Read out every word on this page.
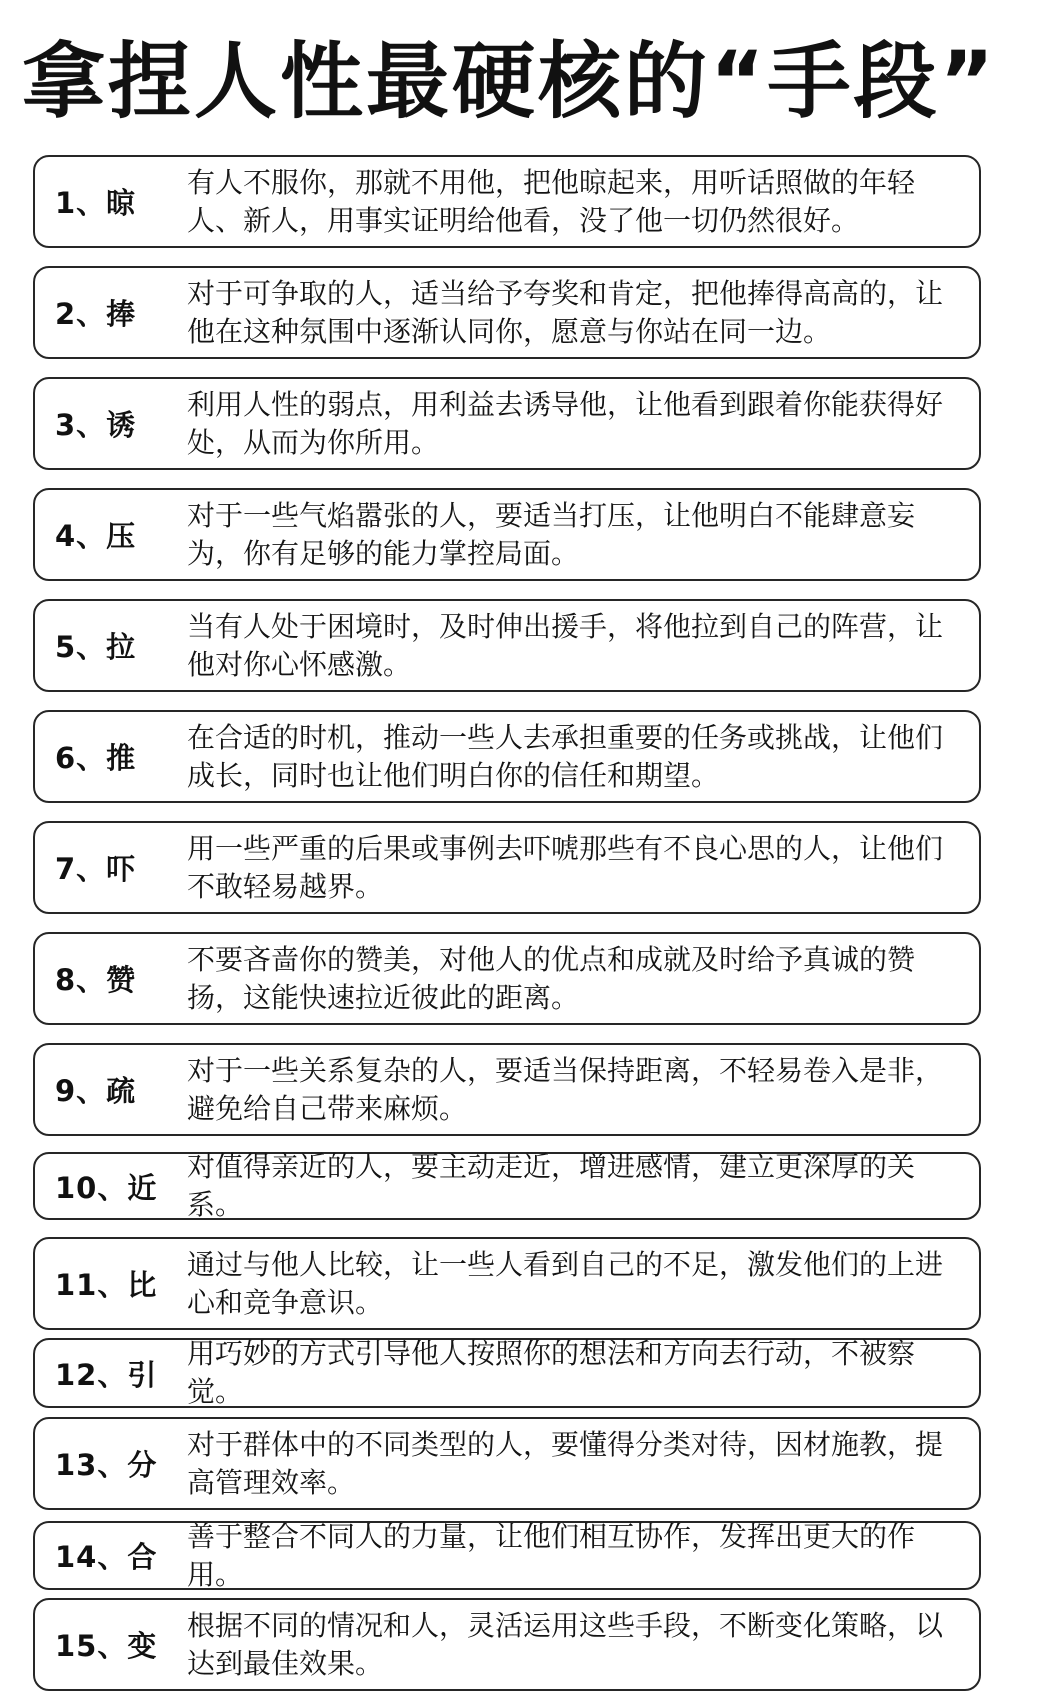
拿捏人性最硬核的“手段”
1、晾
有人不服你，那就不用他，把他晾起来，用听话照做的年轻人、新人，用事实证明给他看，没了他一切仍然很好。
2、捧
对于可争取的人，适当给予夸奖和肯定，把他捧得高高的，让他在这种氛围中逐渐认同你，愿意与你站在同一边。
3、诱
利用人性的弱点，用利益去诱导他，让他看到跟着你能获得好处，从而为你所用。
4、压
对于一些气焰嚣张的人，要适当打压，让他明白不能肆意妄为，你有足够的能力掌控局面。
5、拉
当有人处于困境时，及时伸出援手，将他拉到自己的阵营，让他对你心怀感激。
6、推
在合适的时机，推动一些人去承担重要的任务或挑战，让他们成长，同时也让他们明白你的信任和期望。
7、吓
用一些严重的后果或事例去吓唬那些有不良心思的人，让他们不敢轻易越界。
8、赞
不要吝啬你的赞美，对他人的优点和成就及时给予真诚的赞扬，这能快速拉近彼此的距离。
9、疏
对于一些关系复杂的人，要适当保持距离，不轻易卷入是非，避免给自己带来麻烦。
10、近
对值得亲近的人，要主动走近，增进感情，建立更深厚的关系。
11、比
通过与他人比较，让一些人看到自己的不足，激发他们的上进心和竞争意识。
12、引
用巧妙的方式引导他人按照你的想法和方向去行动，不被察觉。
13、分
对于群体中的不同类型的人，要懂得分类对待，因材施教，提高管理效率。
14、合
善于整合不同人的力量，让他们相互协作，发挥出更大的作用。
15、变
根据不同的情况和人，灵活运用这些手段，不断变化策略，以达到最佳效果。
